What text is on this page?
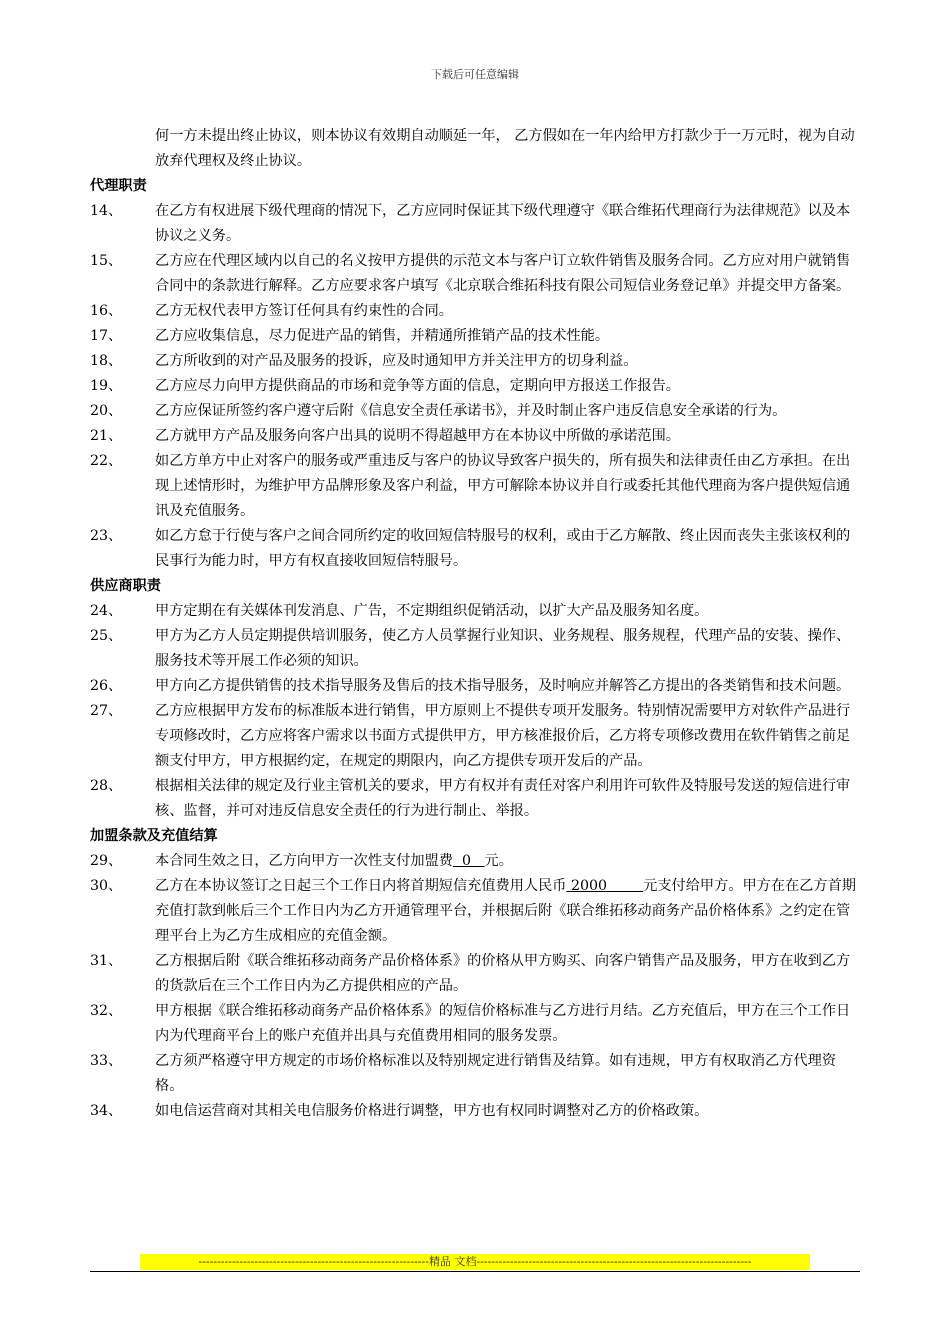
下载后可任意编辑
何一方未提出终止协议，则本协议有效期自动顺延一年， 乙方假如在一年内给甲方打款少于一万元时，视为自动放弃代理权及终止协议。
代理职责
14、	在乙方有权进展下级代理商的情况下，乙方应同时保证其下级代理遵守《联合维拓代理商行为法律规范》以及本协议之义务。
15、	乙方应在代理区域内以自己的名义按甲方提供的示范文本与客户订立软件销售及服务合同。乙方应对用户就销售合同中的条款进行解释。乙方应要求客户填写《北京联合维拓科技有限公司短信业务登记单》并提交甲方备案。
16、	乙方无权代表甲方签订任何具有约束性的合同。
17、	乙方应收集信息，尽力促进产品的销售，并精通所推销产品的技术性能。
18、	乙方所收到的对产品及服务的投诉，应及时通知甲方并关注甲方的切身利益。
19、	乙方应尽力向甲方提供商品的市场和竞争等方面的信息，定期向甲方报送工作报告。
20、	乙方应保证所签约客户遵守后附《信息安全责任承诺书》，并及时制止客户违反信息安全承诺的行为。
21、	乙方就甲方产品及服务向客户出具的说明不得超越甲方在本协议中所做的承诺范围。
22、	如乙方单方中止对客户的服务或严重违反与客户的协议导致客户损失的，所有损失和法律责任由乙方承担。在出现上述情形时，为维护甲方品牌形象及客户利益，甲方可解除本协议并自行或委托其他代理商为客户提供短信通讯及充值服务。
23、	如乙方怠于行使与客户之间合同所约定的收回短信特服号的权利，或由于乙方解散、终止因而丧失主张该权利的民事行为能力时，甲方有权直接收回短信特服号。
供应商职责
24、	甲方定期在有关媒体刊发消息、广告，不定期组织促销活动，以扩大产品及服务知名度。
25、	甲方为乙方人员定期提供培训服务，使乙方人员掌握行业知识、业务规程、服务规程，代理产品的安装、操作、服务技术等开展工作必须的知识。
26、	甲方向乙方提供销售的技术指导服务及售后的技术指导服务，及时响应并解答乙方提出的各类销售和技术问题。
27、	乙方应根据甲方发布的标准版本进行销售，甲方原则上不提供专项开发服务。特别情况需要甲方对软件产品进行专项修改时，乙方应将客户需求以书面方式提供甲方，甲方核准报价后，乙方将专项修改费用在软件销售之前足额支付甲方，甲方根据约定，在规定的期限内，向乙方提供专项开发后的产品。
28、	根据相关法律的规定及行业主管机关的要求，甲方有权并有责任对客户利用许可软件及特服号发送的短信进行审核、监督，并可对违反信息安全责任的行为进行制止、举报。
加盟条款及充值结算
29、	本合同生效之日，乙方向甲方一次性支付加盟费  0   元。
30、	乙方在本协议签订之日起三个工作日内将首期短信充值费用人民币 2000        元支付给甲方。甲方在在乙方首期充值打款到帐后三个工作日内为乙方开通管理平台，并根据后附《联合维拓移动商务产品价格体系》之约定在管理平台上为乙方生成相应的充值金额。
31、	乙方根据后附《联合维拓移动商务产品价格体系》的价格从甲方购买、向客户销售产品及服务，甲方在收到乙方的货款后在三个工作日内为乙方提供相应的产品。
32、	甲方根据《联合维拓移动商务产品价格体系》的短信价格标准与乙方进行月结。乙方充值后，甲方在三个工作日内为代理商平台上的账户充值并出具与充值费用相同的服务发票。
33、	乙方须严格遵守甲方规定的市场价格标准以及特别规定进行销售及结算。如有违规，甲方有权取消乙方代理资格。
34、	如电信运营商对其相关电信服务价格进行调整，甲方也有权同时调整对乙方的价格政策。
--------------------------------------------------------------精品 文档--------------------------------------------------------------------------
